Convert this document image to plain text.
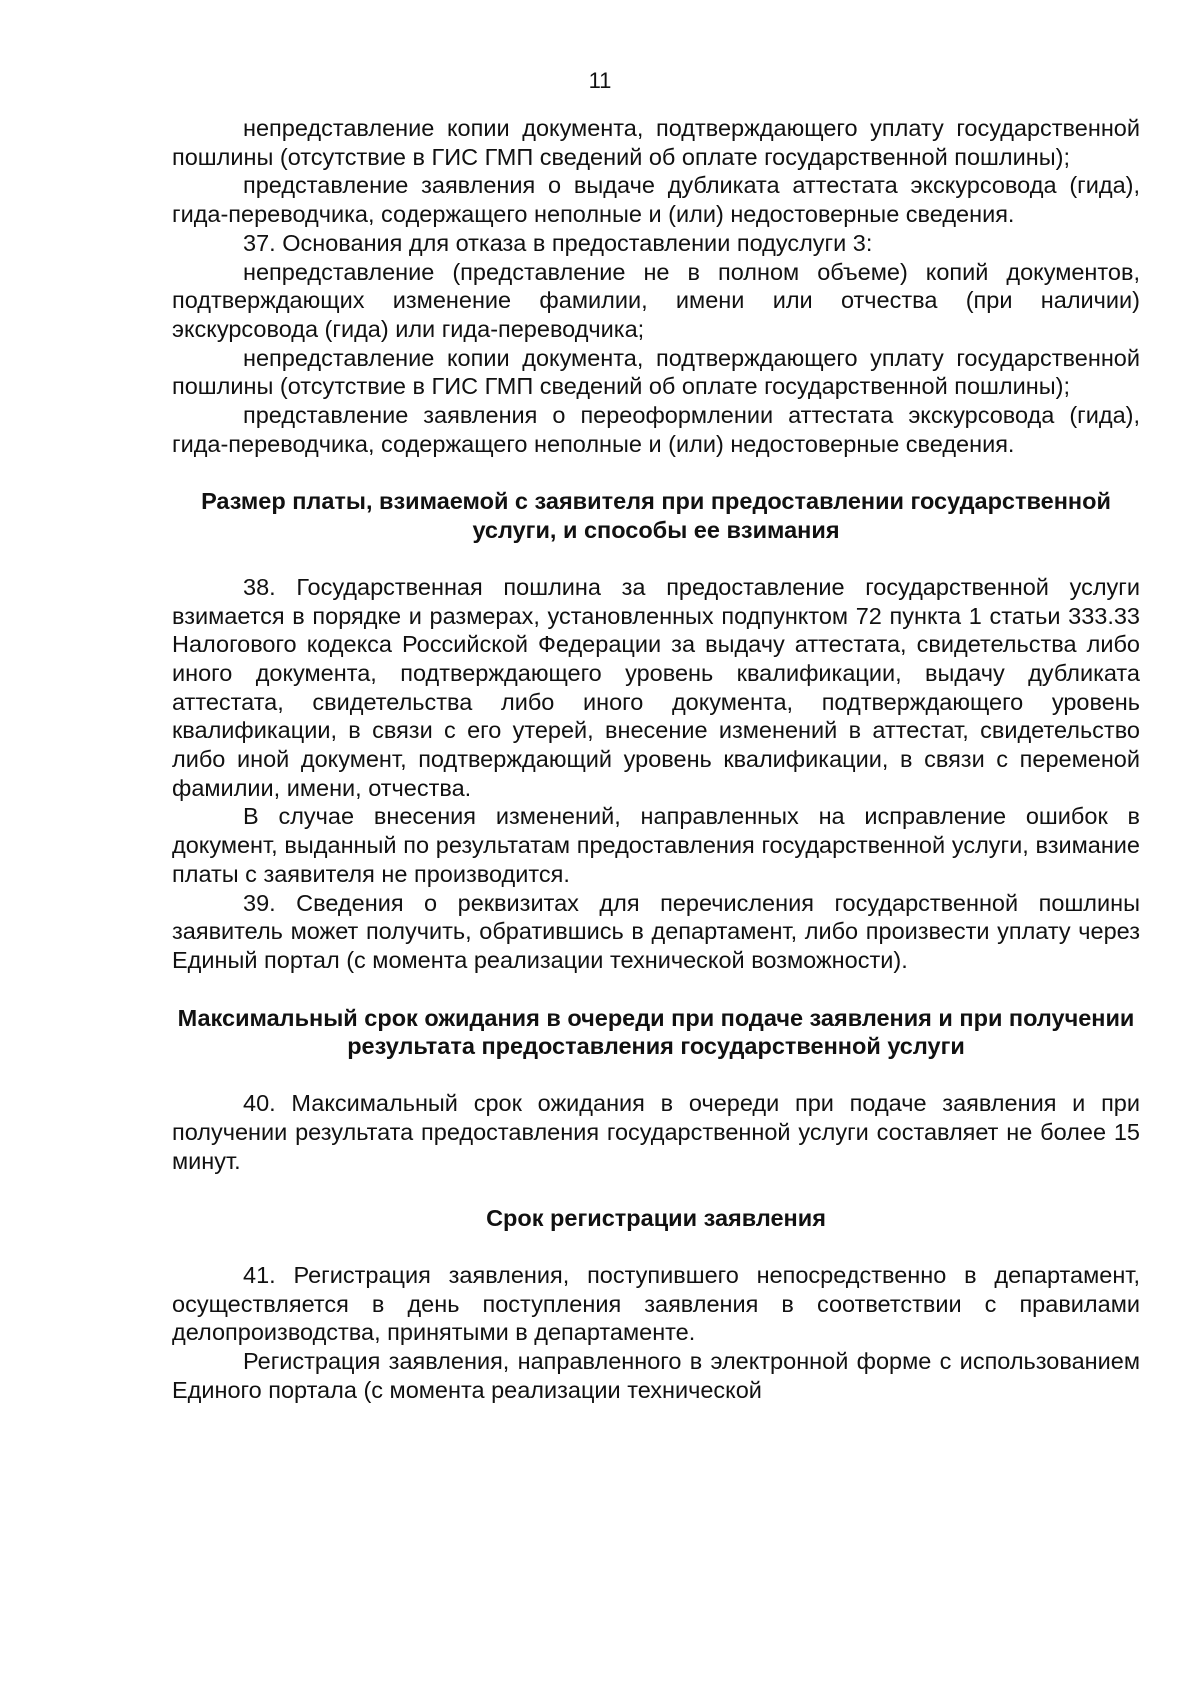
11

непредставление копии документа, подтверждающего уплату государственной пошлины (отсутствие в ГИС ГМП сведений об оплате государственной пошлины);

представление заявления о выдаче дубликата аттестата экскурсовода (гида), гида-переводчика, содержащего неполные и (или) недостоверные сведения.

37. Основания для отказа в предоставлении подуслуги 3:

непредставление (представление не в полном объеме) копий документов, подтверждающих изменение фамилии, имени или отчества (при наличии) экскурсовода (гида) или гида-переводчика;

непредставление копии документа, подтверждающего уплату государственной пошлины (отсутствие в ГИС ГМП сведений об оплате государственной пошлины);

представление заявления о переоформлении аттестата экскурсовода (гида), гида-переводчика, содержащего неполные и (или) недостоверные сведения.

Размер платы, взимаемой с заявителя при предоставлении государственной услуги, и способы ее взимания

38. Государственная пошлина за предоставление государственной услуги взимается в порядке и размерах, установленных подпунктом 72 пункта 1 статьи 333.33 Налогового кодекса Российской Федерации за выдачу аттестата, свидетельства либо иного документа, подтверждающего уровень квалификации, выдачу дубликата аттестата, свидетельства либо иного документа, подтверждающего уровень квалификации, в связи с его утерей, внесение изменений в аттестат, свидетельство либо иной документ, подтверждающий уровень квалификации, в связи с переменой фамилии, имени, отчества.

В случае внесения изменений, направленных на исправление ошибок в документ, выданный по результатам предоставления государственной услуги, взимание платы с заявителя не производится.

39. Сведения о реквизитах для перечисления государственной пошлины заявитель может получить, обратившись в департамент, либо произвести уплату через Единый портал (с момента реализации технической возможности).

Максимальный срок ожидания в очереди при подаче заявления и при получении результата предоставления государственной услуги

40. Максимальный срок ожидания в очереди при подаче заявления и при получении результата предоставления государственной услуги составляет не более 15 минут.

Срок регистрации заявления

41. Регистрация заявления, поступившего непосредственно в департамент, осуществляется в день поступления заявления в соответствии с правилами делопроизводства, принятыми в департаменте.

Регистрация заявления, направленного в электронной форме с использованием Единого портала (с момента реализации технической
